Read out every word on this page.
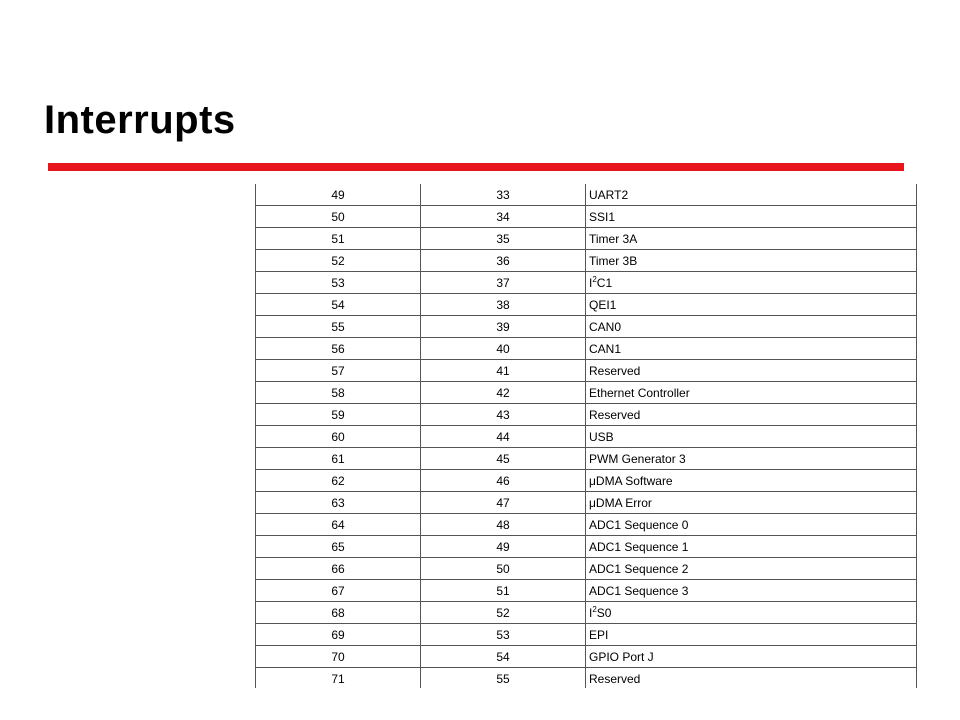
Interrupts
49	33	UART2
50	34	SSI1
51	35	Timer 3A
52	36	Timer 3B
53	37	$I^2C1$
54	38	QEI1
55	39	CAN0
56	40	CAN1
57	41	Reserved
58	42	Ethernet Controller
59	43	Reserved
60	44	USB
61	45	PWM Generator 3
62	46	μDMA Software
63	47	μDMA Error
64	48	ADC1 Sequence 0
65	49	ADC1 Sequence 1
66	50	ADC1 Sequence 2
67	51	ADC1 Sequence 3
68	52	$I^2S0$
69	53	EPI
70	54	GPIO Port J
71	55	Reserved
